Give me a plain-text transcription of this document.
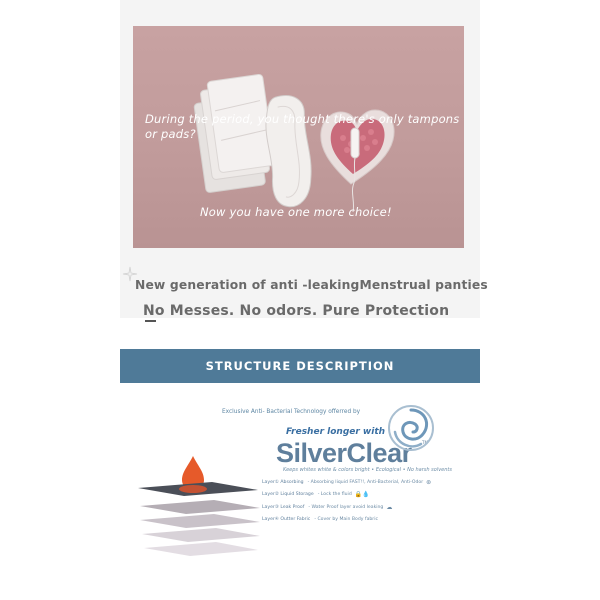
During the period, you thought there's only tampons or pads?
Now you have one more choice!
New generation of anti -leakingMenstrual panties
No Messes. No odors. Pure Protection
STRUCTURE DESCRIPTION
Exclusive Anti- Bacterial Technology offerred by
Fresher longer with
SilverClear	TM
Keeps whites white & colors bright • Ecological • No harsh solvents
Layer① Absorbing - Absorbing liquid FAST!!, Anti-Bacterial, Anti-Odor ⊛
Layer② Liquid Storage - Lock the fluid 🔒💧
Layer③ Leak Proof - Water Proof layer avoid leaking ☁
Layer④ Outter Fabric - Cover by Main Body fabric
